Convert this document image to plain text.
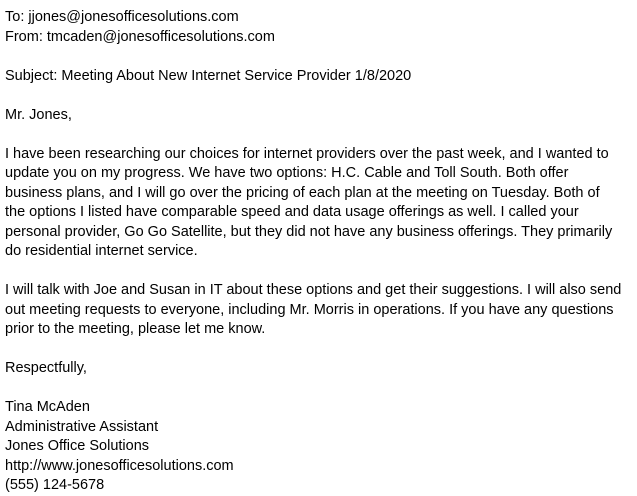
To: jjones@jonesofficesolutions.com
From: tmcaden@jonesofficesolutions.com
Subject: Meeting About New Internet Service Provider 1/8/2020
Mr. Jones,
I have been researching our choices for internet providers over the past week, and I wanted to
update you on my progress. We have two options: H.C. Cable and Toll South. Both offer
business plans, and I will go over the pricing of each plan at the meeting on Tuesday. Both of
the options I listed have comparable speed and data usage offerings as well. I called your
personal provider, Go Go Satellite, but they did not have any business offerings. They primarily
do residential internet service.
I will talk with Joe and Susan in IT about these options and get their suggestions. I will also send
out meeting requests to everyone, including Mr. Morris in operations. If you have any questions
prior to the meeting, please let me know.
Respectfully,
Tina McAden
Administrative Assistant
Jones Office Solutions
http://www.jonesofficesolutions.com
(555) 124-5678
